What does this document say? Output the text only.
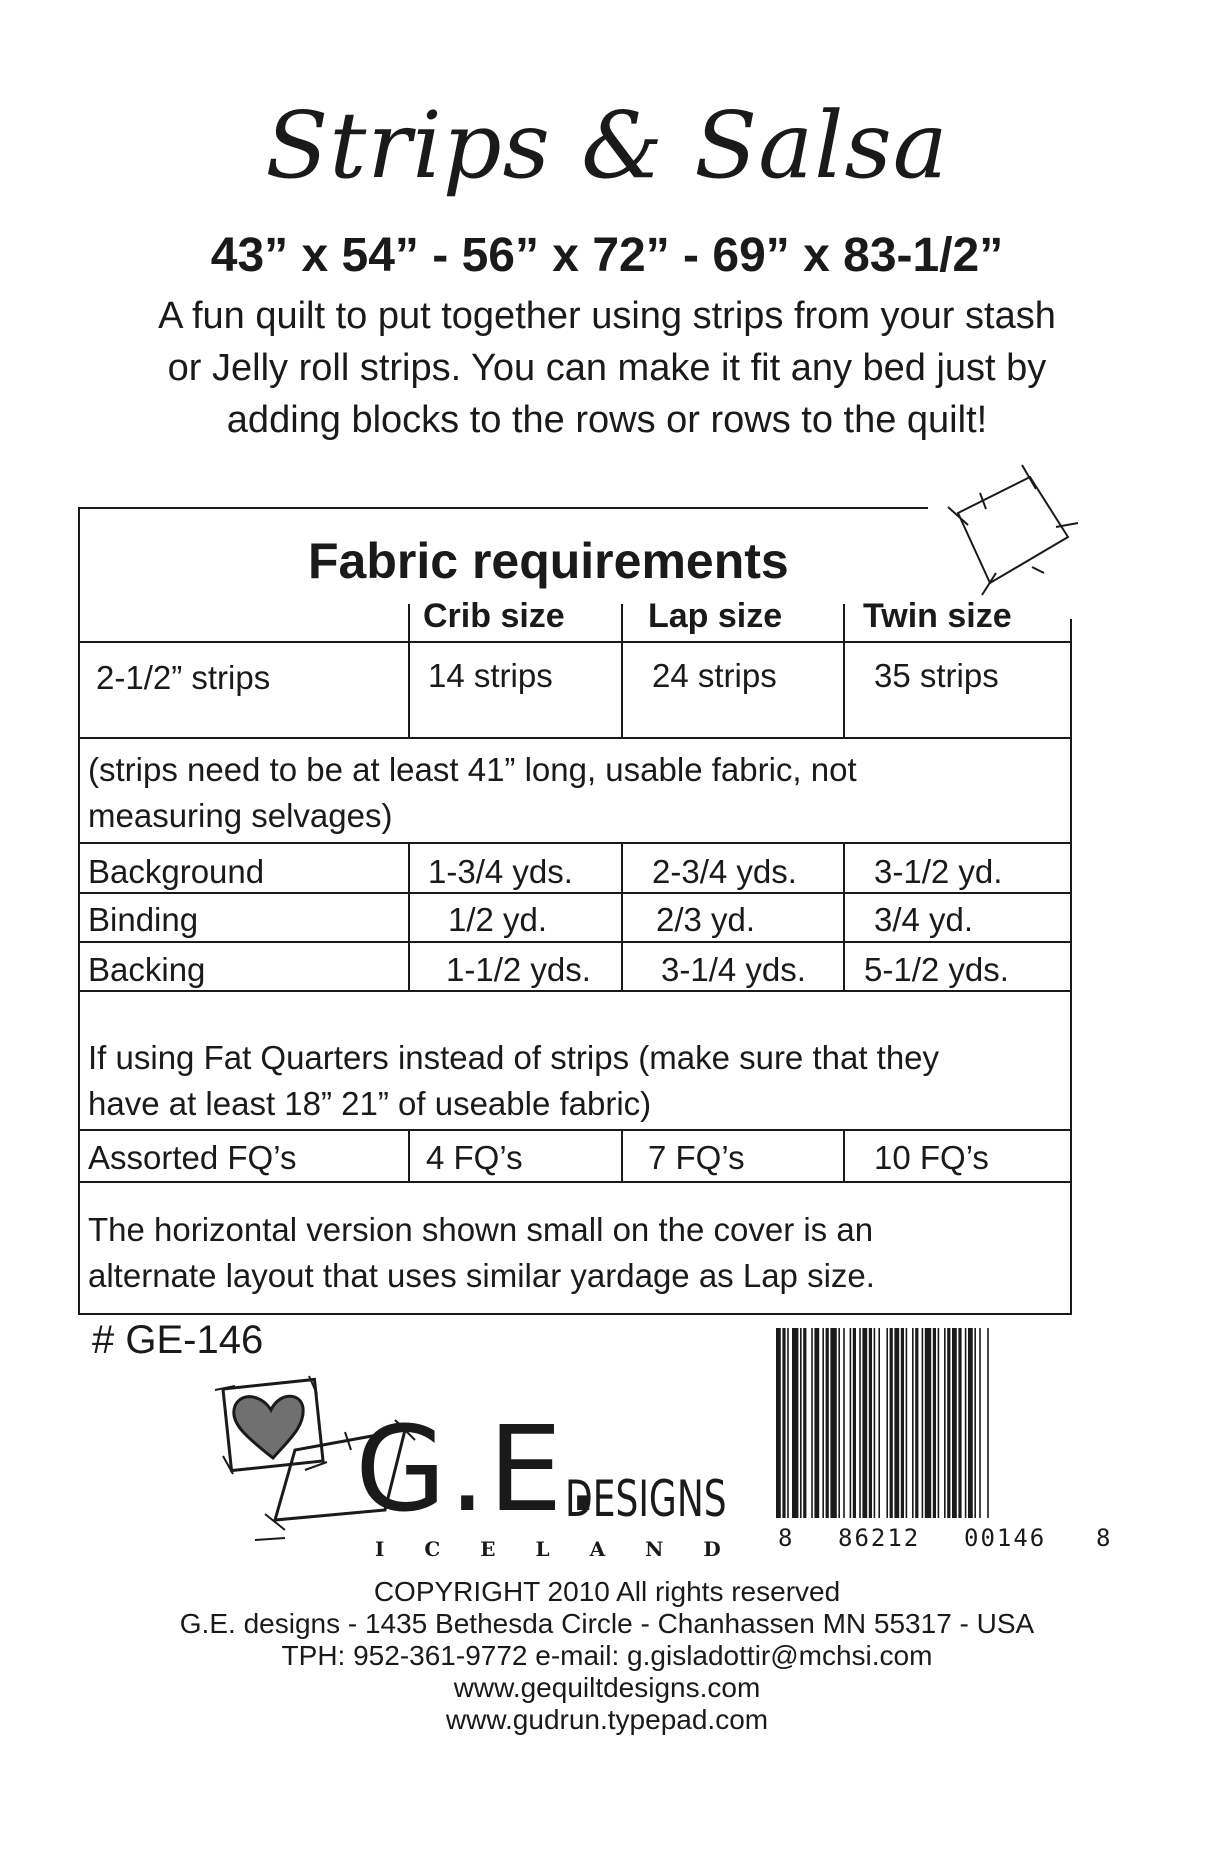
Strips & Salsa
43” x 54” - 56” x 72” - 69” x 83-1/2”
A fun quilt to put together using strips from your stash
or Jelly roll strips. You can make it fit any bed just by
adding blocks to the rows or rows to the quilt!
Fabric requirements
Crib size Lap size Twin size
2-1/2” strips	14 strips	24 strips	35 strips
(strips need to be at least 41” long, usable fabric, not
measuring selvages)
Background	1-3/4 yds. 2-3/4 yds. 3-1/2 yd.
Binding	1/2 yd.	2/3 yd.	3/4 yd.
Backing	1-1/2 yds. 3-1/4 yds. 5-1/2 yds.
If using Fat Quarters instead of strips (make sure that they
have at least 18” 21” of useable fabric)
Assorted FQ’s	4 FQ’s	7 FQ’s	10 FQ’s
The horizontal version shown small on the cover is an
alternate layout that uses similar yardage as Lap size.
# GE-146
G.E.
DESIGNS
ICELAND 8 86212 00146 8
COPYRIGHT 2010 All rights reserved
G.E. designs - 1435 Bethesda Circle - Chanhassen MN 55317 - USA
TPH: 952-361-9772 e-mail: g.gisladottir@mchsi.com
www.gequiltdesigns.com
www.gudrun.typepad.com
